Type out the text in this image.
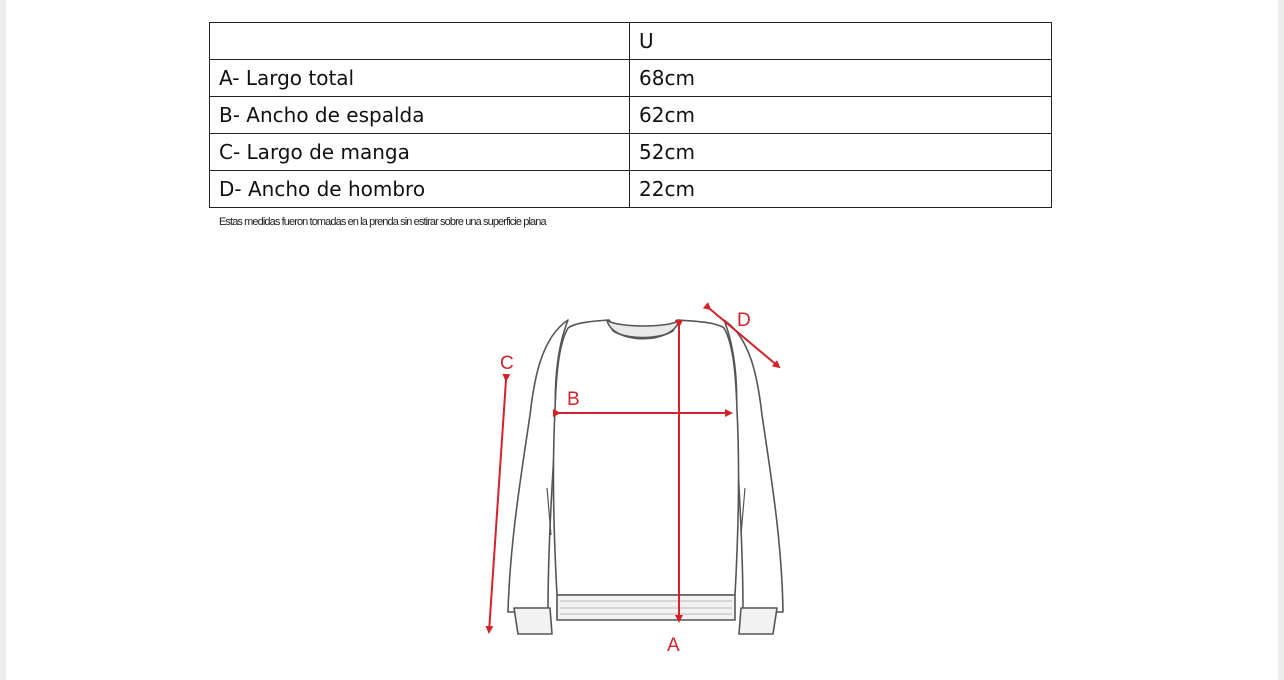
	U
A- Largo total	68cm
B- Ancho de espalda	62cm
C- Largo de manga	52cm
D- Ancho de hombro	22cm
Estas medidas fueron tomadas en la prenda sin estirar sobre una superficie plana
A
B
C
D
